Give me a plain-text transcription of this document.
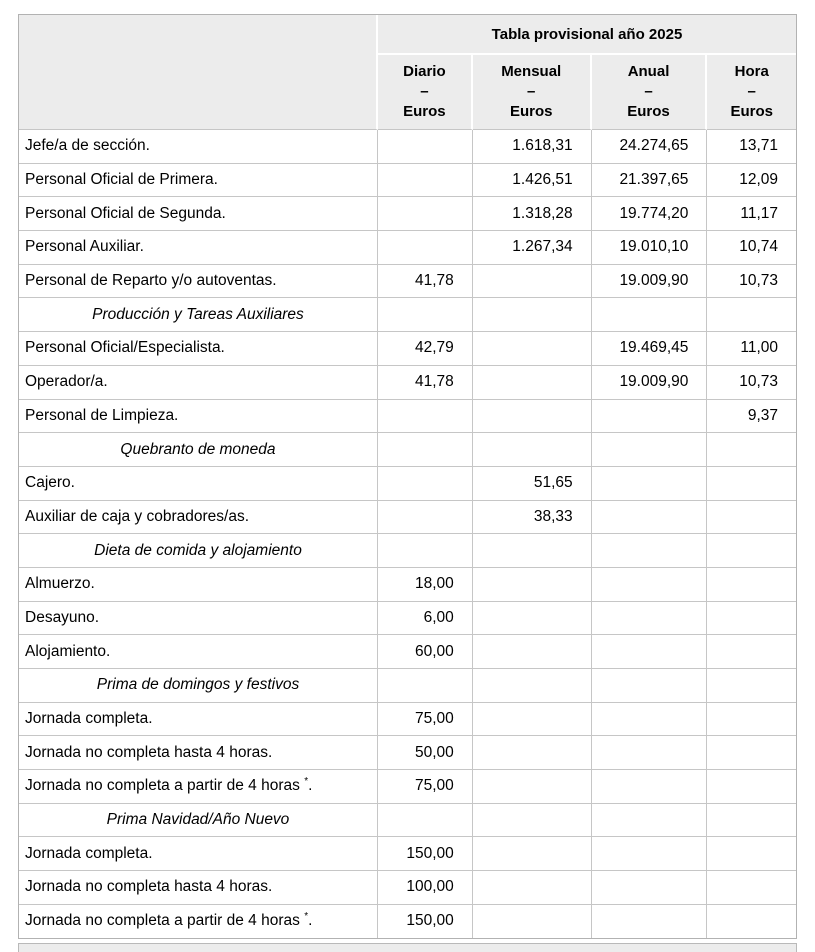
	Tabla provisional año 2025			

Diario
–
Euros

Mensual
–
Euros

Anual
–
Euros

Hora
–
Euros

Jefe/a de sección.		1.618,31	24.274,65	13,71
Personal Oficial de Primera.		1.426,51	21.397,65	12,09
Personal Oficial de Segunda.		1.318,28	19.774,20	11,17
Personal Auxiliar.		1.267,34	19.010,10	10,74
Personal de Reparto y/o autoventas.	41,78		19.009,90	10,73
Producción y Tareas Auxiliares				
Personal Oficial/Especialista.	42,79		19.469,45	11,00
Operador/a.	41,78		19.009,90	10,73
Personal de Limpieza.				9,37
Quebranto de moneda				
Cajero.		51,65		
Auxiliar de caja y cobradores/as.		38,33		
Dieta de comida y alojamiento				
Almuerzo.	18,00			
Desayuno.	6,00			
Alojamiento.	60,00			
Prima de domingos y festivos				
Jornada completa.	75,00			
Jornada no completa hasta 4 horas.	50,00			
Jornada no completa a partir de 4 horas *.	75,00			
Prima Navidad/Año Nuevo				
Jornada completa.	150,00			
Jornada no completa hasta 4 horas.	100,00			
Jornada no completa a partir de 4 horas *.	150,00			
